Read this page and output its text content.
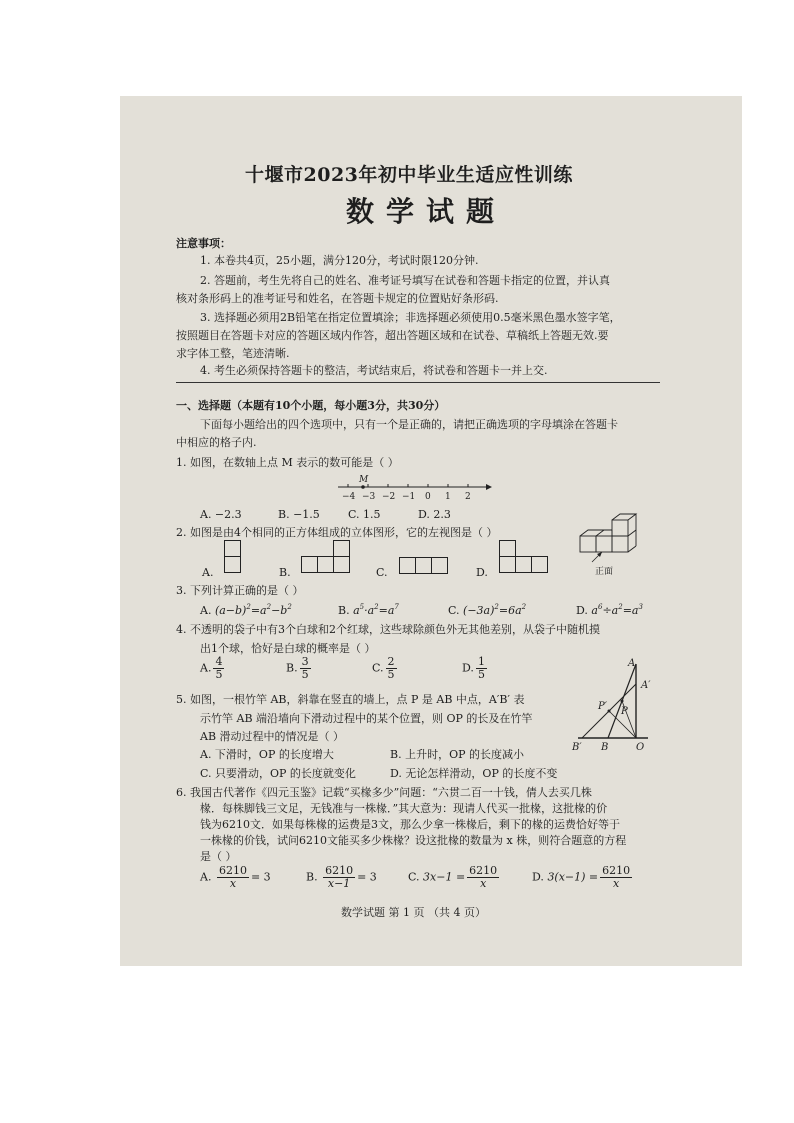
十堰市2023年初中毕业生适应性训练
数学试题
注意事项：
1. 本卷共4页，25小题，满分120分，考试时限120分钟.
2. 答题前，考生先将自己的姓名、准考证号填写在试卷和答题卡指定的位置，并认真
核对条形码上的准考证号和姓名，在答题卡规定的位置贴好条形码.
3. 选择题必须用2B铅笔在指定位置填涂；非选择题必须使用0.5毫米黑色墨水签字笔，
按照题目在答题卡对应的答题区域内作答，超出答题区域和在试卷、草稿纸上答题无效.要
求字体工整，笔迹清晰.
4. 考生必须保持答题卡的整洁，考试结束后，将试卷和答题卡一并上交.
一、选择题（本题有10个小题，每小题3分，共30分）
下面每小题给出的四个选项中，只有一个是正确的，请把正确选项的字母填涂在答题卡
中相应的格子内.
1. 如图，在数轴上点 M 表示的数可能是（ ）
−4 −3 −2 −1 0 1 2
M
A. −2.3	B. −1.5	C. 1.5	D. 2.3
2. 如图是由4个相同的正方体组成的立体图形，它的左视图是（ ）
A.	B.	C.	D.	正面
3. 下列计算正确的是（ ）
A. $(a-b)^2=a^2-b^2$	B. $a^5\cdot a^2=a^7$	C. $(-3a)^2=6a^2$	D. $a^6\div a^2=a^3$
4. 不透明的袋子中有3个白球和2个红球，这些球除颜色外无其他差别，从袋子中随机摸
出1个球，恰好是白球的概率是（ ）
A. $\frac{4}{5}$	B. $\frac{3}{5}$	C. $\frac{2}{5}$	D. $\frac{1}{5}$
5. 如图，一根竹竿 AB，斜靠在竖直的墙上，点 P 是 AB 中点，A′B′ 表
示竹竿 AB 端沿墙向下滑动过程中的某个位置，则 OP 的长及在竹竿
AB 滑动过程中的情况是（ ）
A. 下滑时，OP 的长度增大	B. 上升时，OP 的长度减小
C. 只要滑动，OP 的长度就变化	D. 无论怎样滑动，OP 的长度不变
A
A′
P′ P
B′ B	O
6. 我国古代著作《四元玉鉴》记载“买椽多少”问题：“六贯二百一十钱，倩人去买几株
椽．每株脚钱三文足，无钱准与一株椽．”其大意为：现请人代买一批椽，这批椽的价
钱为6210文．如果每株椽的运费是3文，那么少拿一株椽后，剩下的椽的运费恰好等于
一株椽的价钱，试问6210文能买多少株椽？设这批椽的数量为 x 株，则符合题意的方程
是（ ）
A. $\frac{6210}{x} = 3$	B. $\frac{6210}{x-1} = 3$	C. $3x-1 = \frac{6210}{x}$	D. $3(x-1) = \frac{6210}{x}$
数学试题 第 1 页 （共 4 页）
